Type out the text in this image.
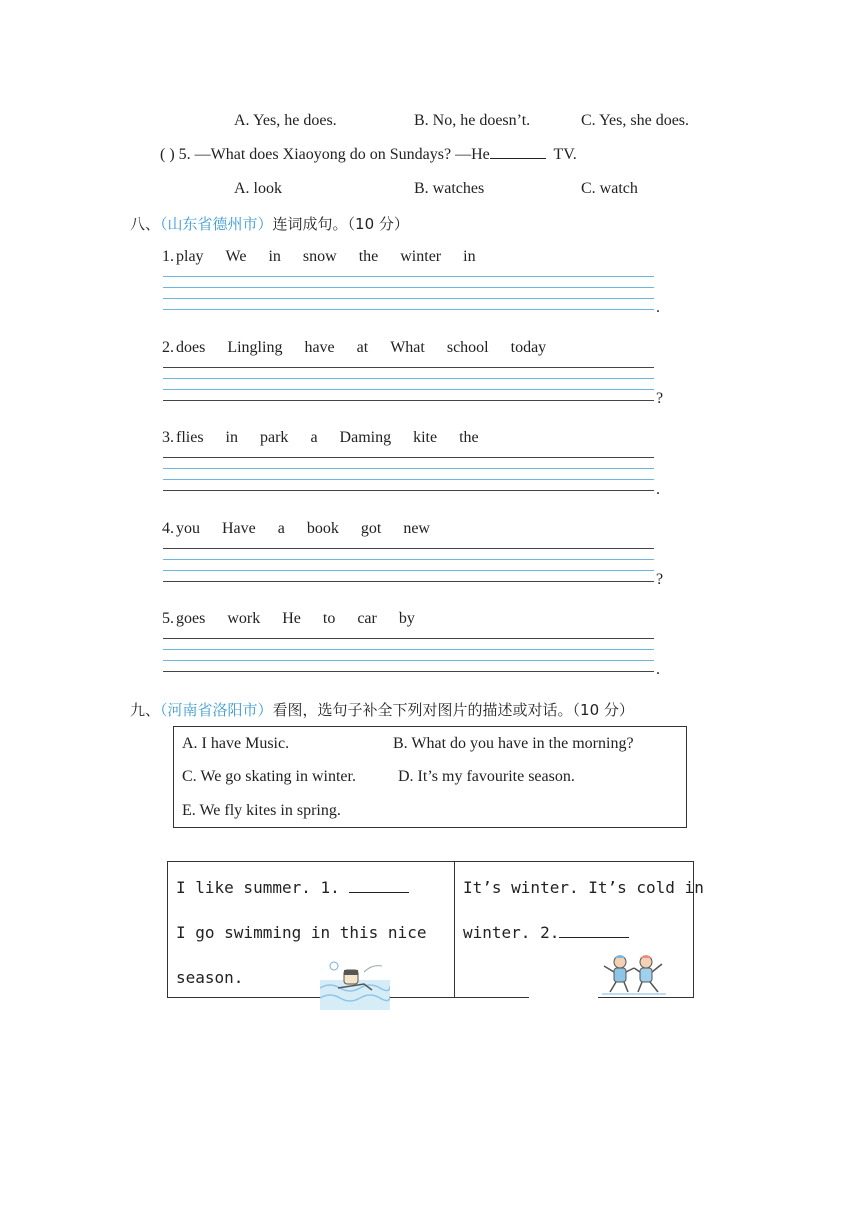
A. Yes, he does.	B. No, he doesn’t.	C. Yes, she does.
( ) 5. —What does Xiaoyong do on Sundays? —He	TV.
A. look	B. watches	C. watch
八、（山东省德州市）连词成句。（10 分）
1. play We in snow the winter in
.
2. does Lingling have at What school today
?
3. flies in park a Daming kite the
.
4. you Have a book got new
?
5. goes work He to car by
.
九、（河南省洛阳市）看图，选句子补全下列对图片的描述或对话。（10 分）
A. I have Music.	B. What do you have in the morning?
C. We go skating in winter.	D. It’s my favourite season.
E. We fly kites in spring.
I like summer. 1.
I go swimming in this nice
season.
It’s winter. It’s cold in
winter. 2.
